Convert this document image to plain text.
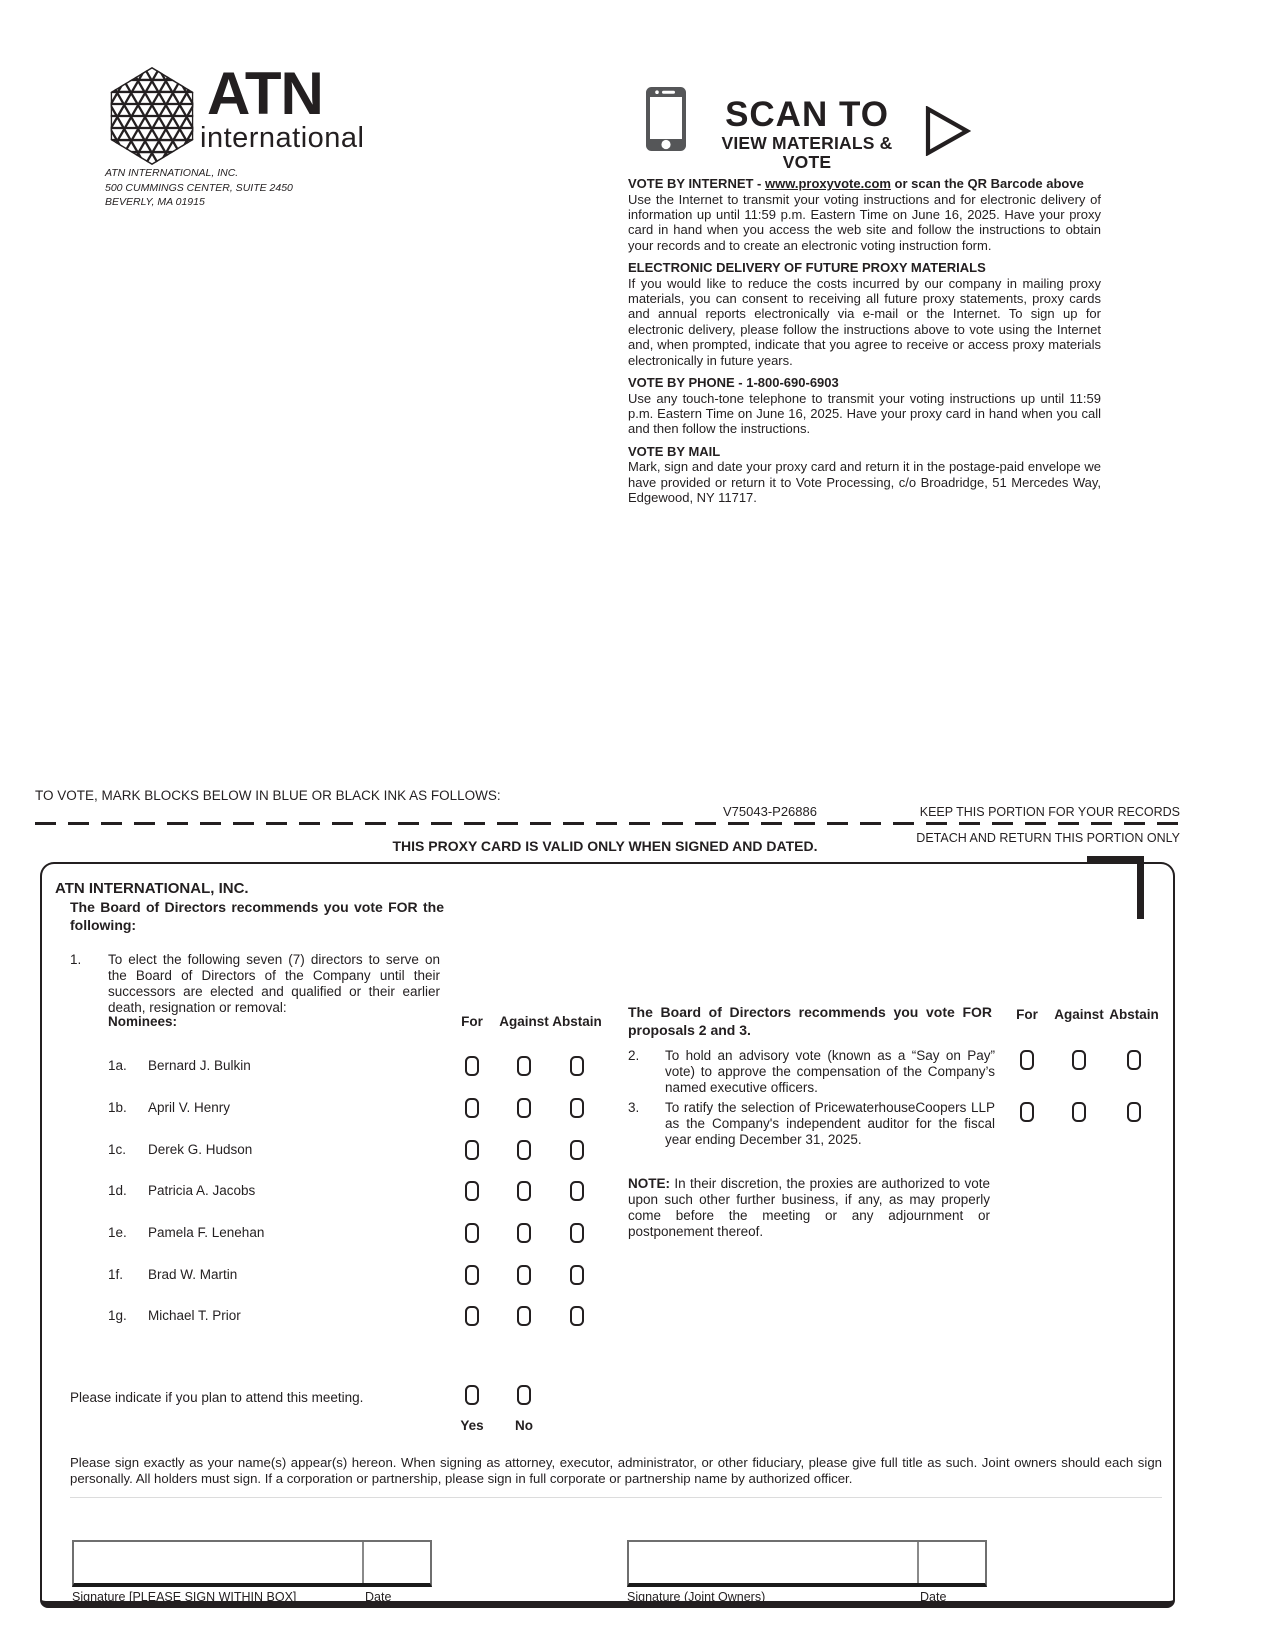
ATN
international
ATN INTERNATIONAL, INC.
500 CUMMINGS CENTER, SUITE 2450
BEVERLY, MA 01915
SCAN TO
VIEW MATERIALS & VOTE
VOTE BY INTERNET - www.proxyvote.com or scan the QR Barcode above

Use the Internet to transmit your voting instructions and for electronic delivery of information up until 11:59 p.m. Eastern Time on June 16, 2025. Have your proxy card in hand when you access the web site and follow the instructions to obtain your records and to create an electronic voting instruction form.

ELECTRONIC DELIVERY OF FUTURE PROXY MATERIALS

If you would like to reduce the costs incurred by our company in mailing proxy materials, you can consent to receiving all future proxy statements, proxy cards and annual reports electronically via e-mail or the Internet. To sign up for electronic delivery, please follow the instructions above to vote using the Internet and, when prompted, indicate that you agree to receive or access proxy materials electronically in future years.

VOTE BY PHONE - 1-800-690-6903

Use any touch-tone telephone to transmit your voting instructions up until 11:59 p.m. Eastern Time on June 16, 2025. Have your proxy card in hand when you call and then follow the instructions.

VOTE BY MAIL

Mark, sign and date your proxy card and return it in the postage-paid envelope we have provided or return it to Vote Processing, c/o Broadridge, 51 Mercedes Way, Edgewood, NY 11717.

TO VOTE, MARK BLOCKS BELOW IN BLUE OR BLACK INK AS FOLLOWS:
V75043-P26886	KEEP THIS PORTION FOR YOUR RECORDS
DETACH AND RETURN THIS PORTION ONLY
THIS PROXY CARD IS VALID ONLY WHEN SIGNED AND DATED.
ATN INTERNATIONAL, INC.
The Board of Directors recommends you vote FOR the following:
1. To elect the following seven (7) directors to serve on the Board of Directors of the Company until their successors are elected and qualified or their earlier death, resignation or removal:
Nominees:	For	Against Abstain
1a. Bernard J. Bulkin
1b. April V. Henry
1c. Derek G. Hudson
1d. Patricia A. Jacobs
1e. Pamela F. Lenehan
1f. Brad W. Martin
1g. Michael T. Prior
The Board of Directors recommends you vote FOR proposals 2 and 3.
For	Against Abstain
2. To hold an advisory vote (known as a “Say on Pay” vote) to approve the compensation of the Company’s named executive officers.
3. To ratify the selection of PricewaterhouseCoopers LLP as the Company's independent auditor for the fiscal year ending December 31, 2025.
NOTE: In their discretion, the proxies are authorized to vote upon such other further business, if any, as may properly come before the meeting or any adjournment or postponement thereof.
Please indicate if you plan to attend this meeting.
Yes	No
Please sign exactly as your name(s) appear(s) hereon. When signing as attorney, executor, administrator, or other fiduciary, please give full title as such. Joint owners should each sign personally. All holders must sign. If a corporation or partnership, please sign in full corporate or partnership name by authorized officer.
Signature [PLEASE SIGN WITHIN BOX]	Date	Signature (Joint Owners)	Date
